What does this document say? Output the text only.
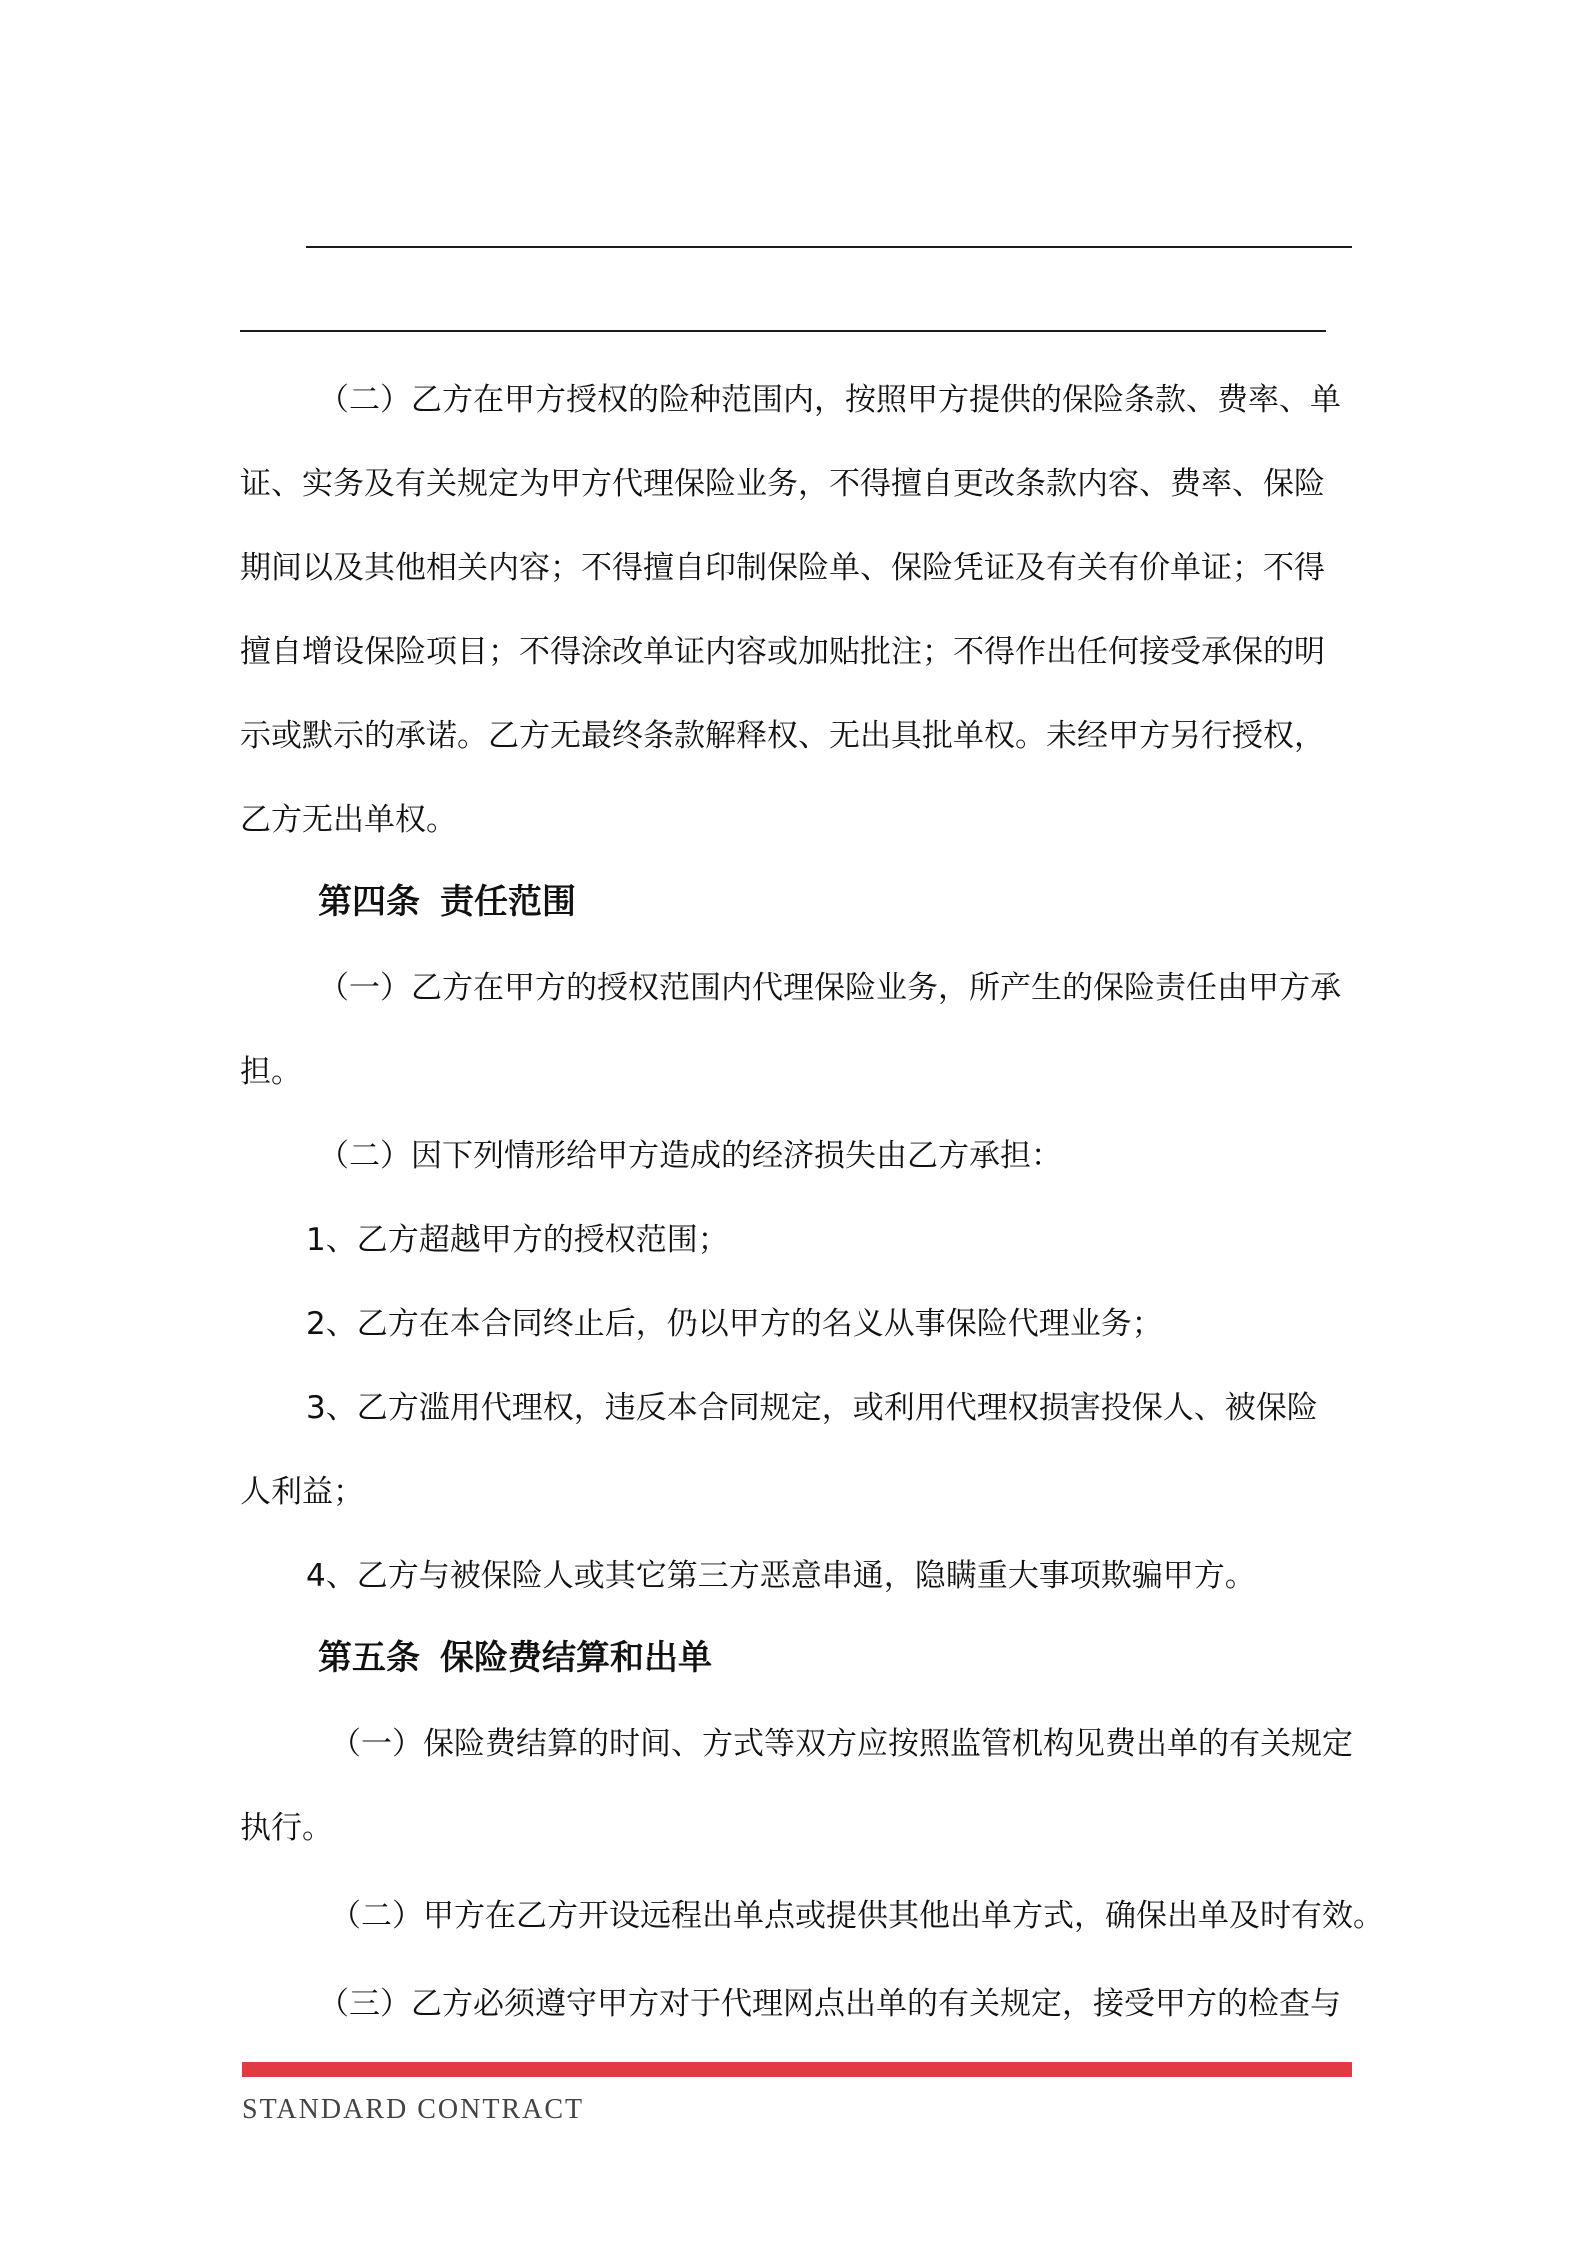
（二）乙方在甲方授权的险种范围内，按照甲方提供的保险条款、费率、单
证、实务及有关规定为甲方代理保险业务，不得擅自更改条款内容、费率、保险
期间以及其他相关内容；不得擅自印制保险单、保险凭证及有关有价单证；不得
擅自增设保险项目；不得涂改单证内容或加贴批注；不得作出任何接受承保的明
示或默示的承诺。乙方无最终条款解释权、无出具批单权。未经甲方另行授权，
乙方无出单权。
第四条 责任范围
（一）乙方在甲方的授权范围内代理保险业务，所产生的保险责任由甲方承
担。
（二）因下列情形给甲方造成的经济损失由乙方承担：
1、乙方超越甲方的授权范围；
2、乙方在本合同终止后，仍以甲方的名义从事保险代理业务；
3、乙方滥用代理权，违反本合同规定，或利用代理权损害投保人、被保险
人利益；
4、乙方与被保险人或其它第三方恶意串通，隐瞒重大事项欺骗甲方。
第五条 保险费结算和出单
（一）保险费结算的时间、方式等双方应按照监管机构见费出单的有关规定
执行。
（二）甲方在乙方开设远程出单点或提供其他出单方式，确保出单及时有效。
（三）乙方必须遵守甲方对于代理网点出单的有关规定，接受甲方的检查与
STANDARD CONTRACT
